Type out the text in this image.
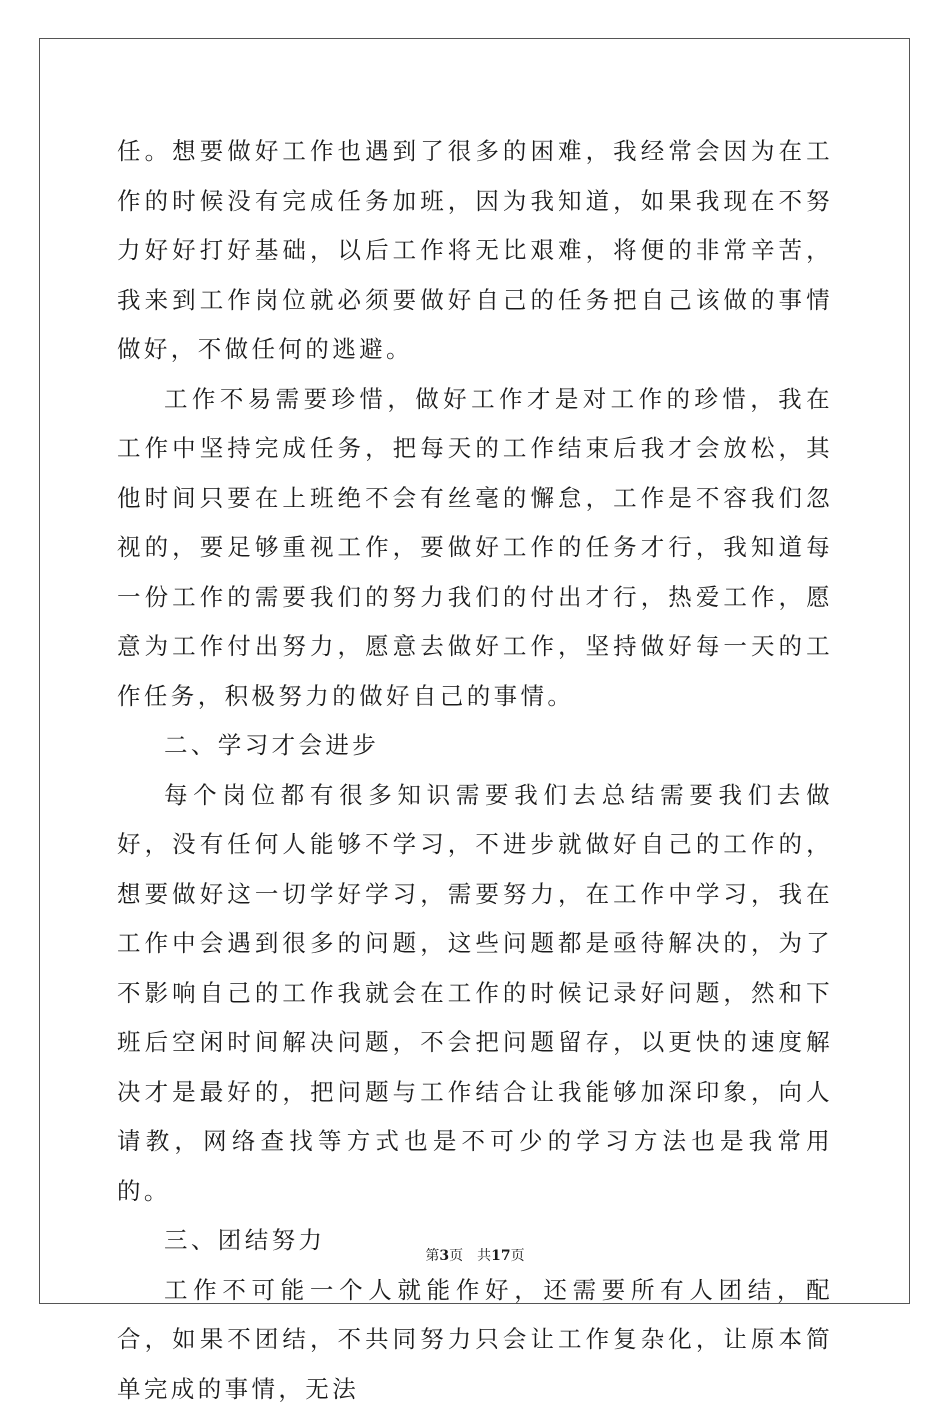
任。想要做好工作也遇到了很多的困难，我经常会因为在工作的时候没有完成任务加班，因为我知道，如果我现在不努力好好打好基础，以后工作将无比艰难，将便的非常辛苦，我来到工作岗位就必须要做好自己的任务把自己该做的事情做好，不做任何的逃避。

工作不易需要珍惜，做好工作才是对工作的珍惜，我在工作中坚持完成任务，把每天的工作结束后我才会放松，其他时间只要在上班绝不会有丝毫的懈怠，工作是不容我们忽视的，要足够重视工作，要做好工作的任务才行，我知道每一份工作的需要我们的努力我们的付出才行，热爱工作，愿意为工作付出努力，愿意去做好工作，坚持做好每一天的工作任务，积极努力的做好自己的事情。

二、学习才会进步

每个岗位都有很多知识需要我们去总结需要我们去做好，没有任何人能够不学习，不进步就做好自己的工作的，想要做好这一切学好学习，需要努力，在工作中学习，我在工作中会遇到很多的问题，这些问题都是亟待解决的，为了不影响自己的工作我就会在工作的时候记录好问题，然和下班后空闲时间解决问题，不会把问题留存，以更快的速度解决才是最好的，把问题与工作结合让我能够加深印象，向人请教，网络查找等方式也是不可少的学习方法也是我常用的。

三、团结努力

工作不可能一个人就能作好，还需要所有人团结，配合，如果不团结，不共同努力只会让工作复杂化，让原本简单完成的事情，无法

第3页 共17页
